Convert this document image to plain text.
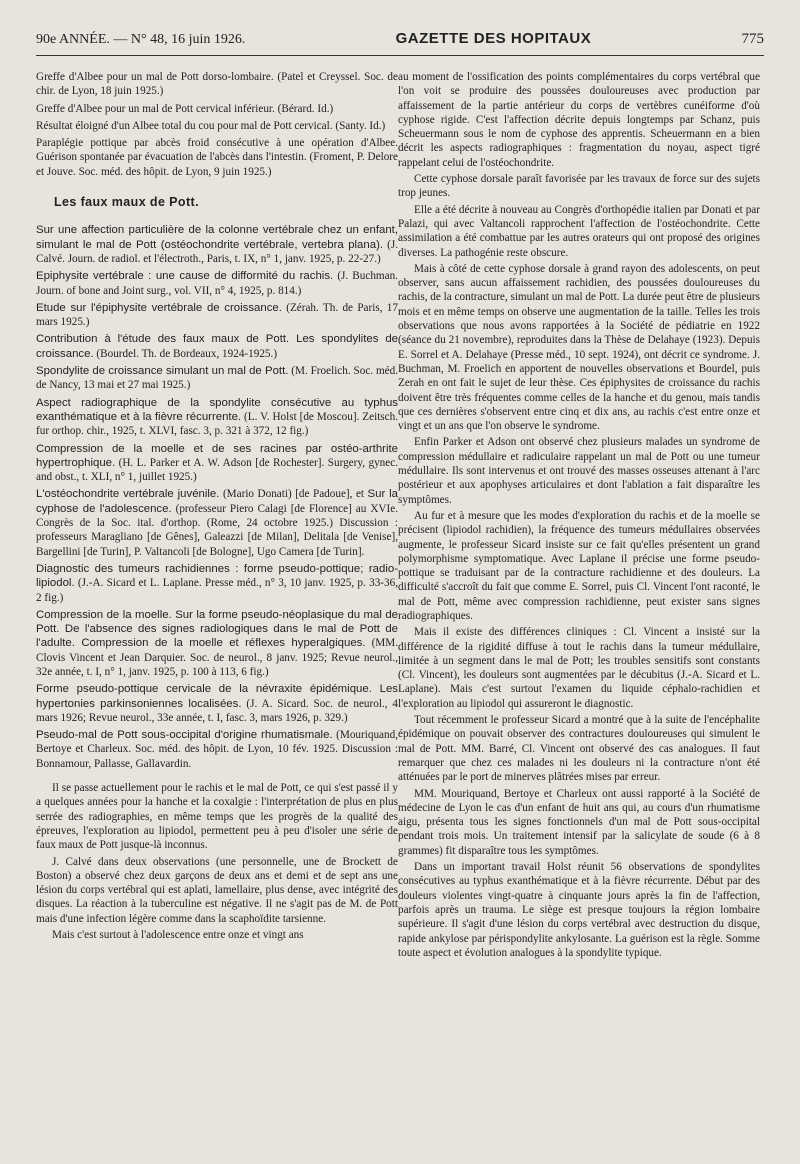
90e ANNÉE. — N° 48, 16 juin 1926.	GAZETTE DES HOPITAUX	775

Greffe d'Albee pour un mal de Pott dorso-lombaire. (Patel et Creyssel. Soc. de chir. de Lyon, 18 juin 1925.)

Greffe d'Albee pour un mal de Pott cervical inférieur. (Bérard. Id.)

Résultat éloigné d'un Albee total du cou pour mal de Pott cervical. (Santy. Id.)

Paraplégie pottique par abcès froid consécutive à une opération d'Albee. Guérison spontanée par évacuation de l'abcès dans l'intestin. (Froment, P. Delore et Jouve. Soc. méd. des hôpit. de Lyon, 9 juin 1925.)

Les faux maux de Pott.

Sur une affection particulière de la colonne vertébrale chez un enfant, simulant le mal de Pott (ostéochondrite vertébrale, vertebra plana). (J. Calvé. Journ. de radiol. et l'électroth., Paris, t. IX, n° 1, janv. 1925, p. 22-27.)

Epiphysite vertébrale : une cause de difformité du rachis. (J. Buchman. Journ. of bone and Joint surg., vol. VII, n° 4, 1925, p. 814.)

Etude sur l'épiphysite vertébrale de croissance. (Zérah. Th. de Paris, 17 mars 1925.)

Contribution à l'étude des faux maux de Pott. Les spondylites de croissance. (Bourdel. Th. de Bordeaux, 1924-1925.)

Spondylite de croissance simulant un mal de Pott. (M. Froelich. Soc. méd. de Nancy, 13 mai et 27 mai 1925.)

Aspect radiographique de la spondylite consécutive au typhus exanthématique et à la fièvre récurrente. (L. V. Holst [de Moscou]. Zeitsch. fur orthop. chir., 1925, t. XLVI, fasc. 3, p. 321 à 372, 12 fig.)

Compression de la moelle et de ses racines par ostéo-arthrite hypertrophique. (H. L. Parker et A. W. Adson [de Rochester]. Surgery, gynec. and obst., t. XLI, n° 1, juillet 1925.)

L'ostéochondrite vertébrale juvénile. (Mario Donati) [de Padoue], et Sur la cyphose de l'adolescence. (professeur Piero Calagi [de Florence] au XVIe. Congrès de la Soc. ital. d'orthop. (Rome, 24 octobre 1925.) Discussion : professeurs Maragliano [de Gênes], Galeazzi [de Milan], Delitala [de Venise], Bargellini [de Turin], P. Valtancoli [de Bologne], Ugo Camera [de Turin].

Diagnostic des tumeurs rachidiennes : forme pseudo-pottique; radio-lipiodol. (J.-A. Sicard et L. Laplane. Presse méd., n° 3, 10 janv. 1925, p. 33-36, 2 fig.)

Compression de la moelle. Sur la forme pseudo-néoplasique du mal de Pott. De l'absence des signes radiologiques dans le mal de Pott de l'adulte. Compression de la moelle et réflexes hyperalgiques. (MM. Clovis Vincent et Jean Darquier. Soc. de neurol., 8 janv. 1925; Revue neurol., 32e année, t. I, n° 1, janv. 1925, p. 100 à 113, 6 fig.)

Forme pseudo-pottique cervicale de la névraxite épidémique. Les hypertonies parkinsoniennes localisées. (J. A. Sicard. Soc. de neurol., 4 mars 1926; Revue neurol., 33e année, t. I, fasc. 3, mars 1926, p. 329.)

Pseudo-mal de Pott sous-occipital d'origine rhumatismale. (Mouriquand, Bertoye et Charleux. Soc. méd. des hôpit. de Lyon, 10 fév. 1925. Discussion : Bonnamour, Pallasse, Gallavardin.

Il se passe actuellement pour le rachis et le mal de Pott, ce qui s'est passé il y a quelques années pour la hanche et la coxalgie : l'interprétation de plus en plus serrée des radiographies, en même temps que les progrès de la qualité des épreuves, l'exploration au lipiodol, permettent peu à peu d'isoler une série de faux maux de Pott jusque-là inconnus.

J. Calvé dans deux observations (une personnelle, une de Brockett de Boston) a observé chez deux garçons de deux ans et demi et de sept ans une lésion du corps vertébral qui est aplati, lamellaire, plus dense, avec intégrité des disques. La réaction à la tuberculine est négative. Il ne s'agit pas de M. de Pott mais d'une infection légère comme dans la scaphoïdite tarsienne.

Mais c'est surtout à l'adolescence entre onze et vingt ans

au moment de l'ossification des points complémentaires du corps vertébral que l'on voit se produire des poussées douloureuses avec production par affaissement de la partie antérieur du corps de vertèbres cunéiforme d'où cyphose rigide. C'est l'affection décrite depuis longtemps par Schanz, puis Scheuermann sous le nom de cyphose des apprentis. Scheuermann en a bien décrit les aspects radiographiques : fragmentation du noyau, aspect tigré rappelant celui de l'ostéochondrite.

Cette cyphose dorsale paraît favorisée par les travaux de force sur des sujets trop jeunes.

Elle a été décrite à nouveau au Congrès d'orthopédie italien par Donati et par Palazi, qui avec Valtancoli rapprochent l'affection de l'ostéochondrite. Cette assimilation a été combattue par les autres orateurs qui ont proposé des origines diverses. La pathogénie reste obscure.

Mais à côté de cette cyphose dorsale à grand rayon des adolescents, on peut observer, sans aucun affaissement rachidien, des poussées douloureuses du rachis, de la contracture, simulant un mal de Pott. La durée peut être de plusieurs mois et en même temps on observe une augmentation de la taille. Telles les trois observations que nous avons rapportées à la Société de pédiatrie en 1922 (séance du 21 novembre), reproduites dans la Thèse de Delahaye (1923). Depuis E. Sorrel et A. Delahaye (Presse méd., 10 sept. 1924), ont décrit ce syndrome. J. Buchman, M. Froelich en apportent de nouvelles observations et Bourdel, puis Zerah en ont fait le sujet de leur thèse. Ces épiphysites de croissance du rachis doivent être très fréquentes comme celles de la hanche et du genou, mais tandis que ces dernières s'observent entre cinq et dix ans, au rachis c'est entre onze et vingt et un ans que l'on observe le syndrome.

Enfin Parker et Adson ont observé chez plusieurs malades un syndrome de compression médullaire et radiculaire rappelant un mal de Pott ou une tumeur médullaire. Ils sont intervenus et ont trouvé des masses osseuses attenant à l'arc postérieur et aux apophyses articulaires et dont l'ablation a fait disparaître les symptômes.

Au fur et à mesure que les modes d'exploration du rachis et de la moelle se précisent (lipiodol rachidien), la fréquence des tumeurs médullaires observées augmente, le professeur Sicard insiste sur ce fait qu'elles présentent un grand polymorphisme symptomatique. Avec Laplane il précise une forme pseudo-pottique se traduisant par de la contracture rachidienne et des douleurs. La difficulté s'accroît du fait que comme E. Sorrel, puis Cl. Vincent l'ont raconté, le mal de Pott, même avec compression rachidienne, peut exister sans signes radiographiques.

Mais il existe des différences cliniques : Cl. Vincent a insisté sur la différence de la rigidité diffuse à tout le rachis dans la tumeur médullaire, limitée à un segment dans le mal de Pott; les troubles sensitifs sont constants (Cl. Vincent), les douleurs sont augmentées par le décubitus (J.-A. Sicard et L. Laplane). Mais c'est surtout l'examen du liquide céphalo-rachidien et l'exploration au lipiodol qui assureront le diagnostic.

Tout récemment le professeur Sicard a montré que à la suite de l'encéphalite épidémique on pouvait observer des contractures douloureuses qui simulent le mal de Pott. MM. Barré, Cl. Vincent ont observé des cas analogues. Il faut remarquer que chez ces malades ni les douleurs ni la contracture n'ont été atténuées par le port de minerves plâtrées mises par erreur.

MM. Mouriquand, Bertoye et Charleux ont aussi rapporté à la Société de médecine de Lyon le cas d'un enfant de huit ans qui, au cours d'un rhumatisme aigu, présenta tous les signes fonctionnels d'un mal de Pott sous-occipital pendant trois mois. Un traitement intensif par la salicylate de soude (6 à 8 grammes) fit disparaître tous les symptômes.

Dans un important travail Holst réunit 56 observations de spondylites consécutives au typhus exanthématique et à la fièvre récurrente. Début par des douleurs violentes vingt-quatre à cinquante jours après la fin de l'affection, parfois après un trauma. Le siège est presque toujours la région lombaire supérieure. Il s'agit d'une lésion du corps vertébral avec destruction du disque, rapide ankylose par périspondylite ankylosante. La guérison est la règle. Somme toute aspect et évolution analogues à la spondylite typique.
